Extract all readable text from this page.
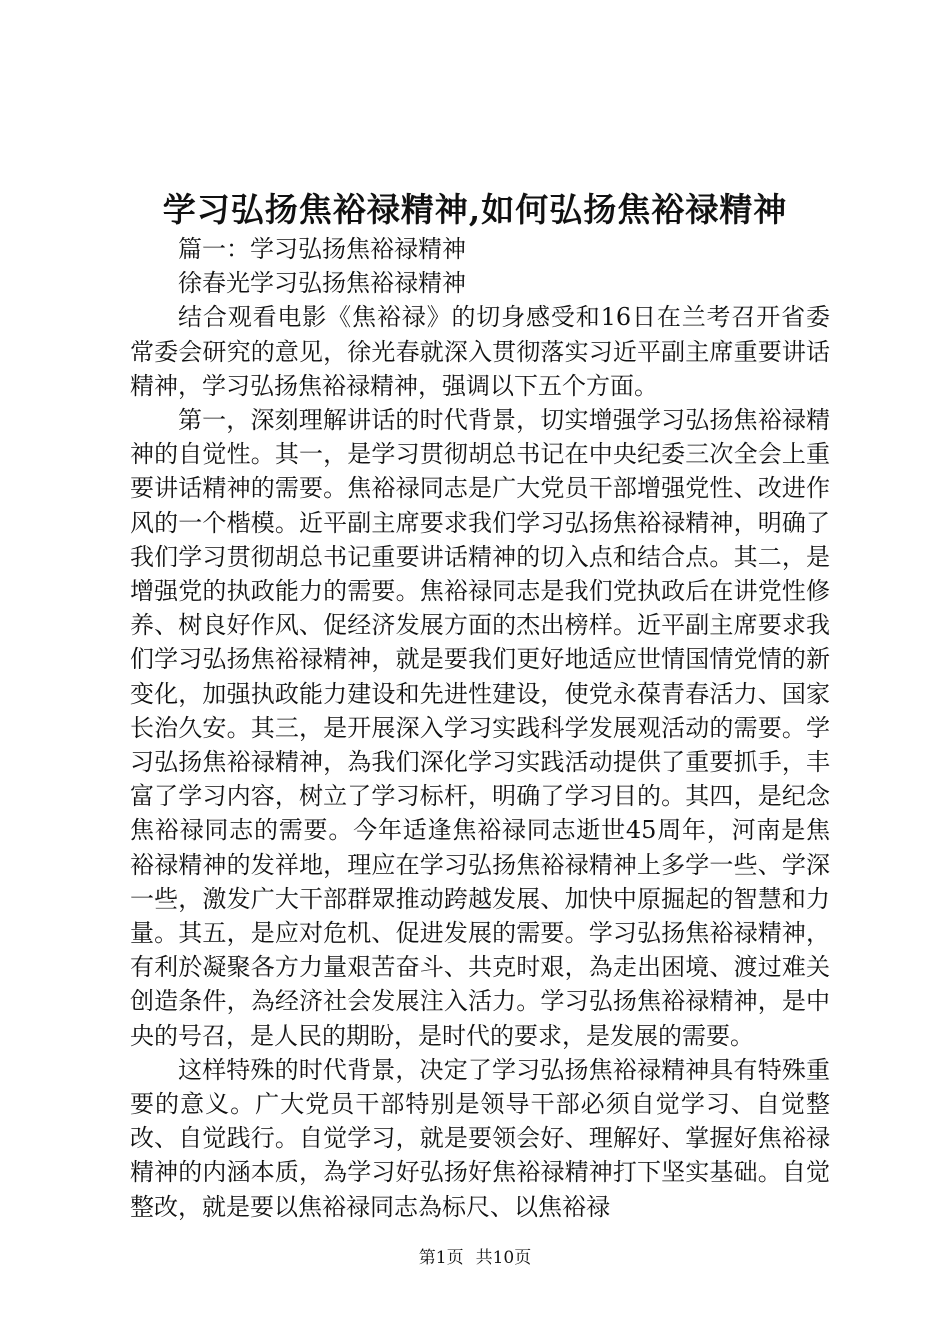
学习弘扬焦裕禄精神,如何弘扬焦裕禄精神

篇一：学习弘扬焦裕禄精神

徐春光学习弘扬焦裕禄精神

结合观看电影《焦裕禄》的切身感受和16日在兰考召开省委常委会研究的意见，徐光春就深入贯彻落实习近平副主席重要讲话精神，学习弘扬焦裕禄精神，强调以下五个方面。

第一，深刻理解讲话的时代背景，切实增强学习弘扬焦裕禄精神的自觉性。其一，是学习贯彻胡总书记在中央纪委三次全会上重要讲话精神的需要。焦裕禄同志是广大党员干部增强党性、改进作风的一个楷模。近平副主席要求我们学习弘扬焦裕禄精神，明确了我们学习贯彻胡总书记重要讲话精神的切入点和结合点。其二，是增强党的执政能力的需要。焦裕禄同志是我们党执政后在讲党性修养、树良好作风、促经济发展方面的杰出榜样。近平副主席要求我们学习弘扬焦裕禄精神，就是要我们更好地适应世情国情党情的新变化，加强执政能力建设和先进性建设，使党永葆青春活力、国家长治久安。其三，是开展深入学习实践科学发展观活动的需要。学习弘扬焦裕禄精神，為我们深化学习实践活动提供了重要抓手，丰富了学习内容，树立了学习标杆，明确了学习目的。其四，是纪念焦裕禄同志的需要。今年适逢焦裕禄同志逝世45周年，河南是焦裕禄精神的发祥地，理应在学习弘扬焦裕禄精神上多学一些、学深一些，激发广大干部群眾推动跨越发展、加快中原掘起的智慧和力量。其五，是应对危机、促进发展的需要。学习弘扬焦裕禄精神，有利於凝聚各方力量艰苦奋斗、共克时艰，為走出困境、渡过难关创造条件，為经济社会发展注入活力。学习弘扬焦裕禄精神，是中央的号召，是人民的期盼，是时代的要求，是发展的需要。

这样特殊的时代背景，决定了学习弘扬焦裕禄精神具有特殊重要的意义。广大党员干部特别是领导干部必须自觉学习、自觉整改、自觉践行。自觉学习，就是要领会好、理解好、掌握好焦裕禄精神的内涵本质，為学习好弘扬好焦裕禄精神打下坚实基础。自觉整改，就是要以焦裕禄同志為标尺、以焦裕禄

第1页 共10页
